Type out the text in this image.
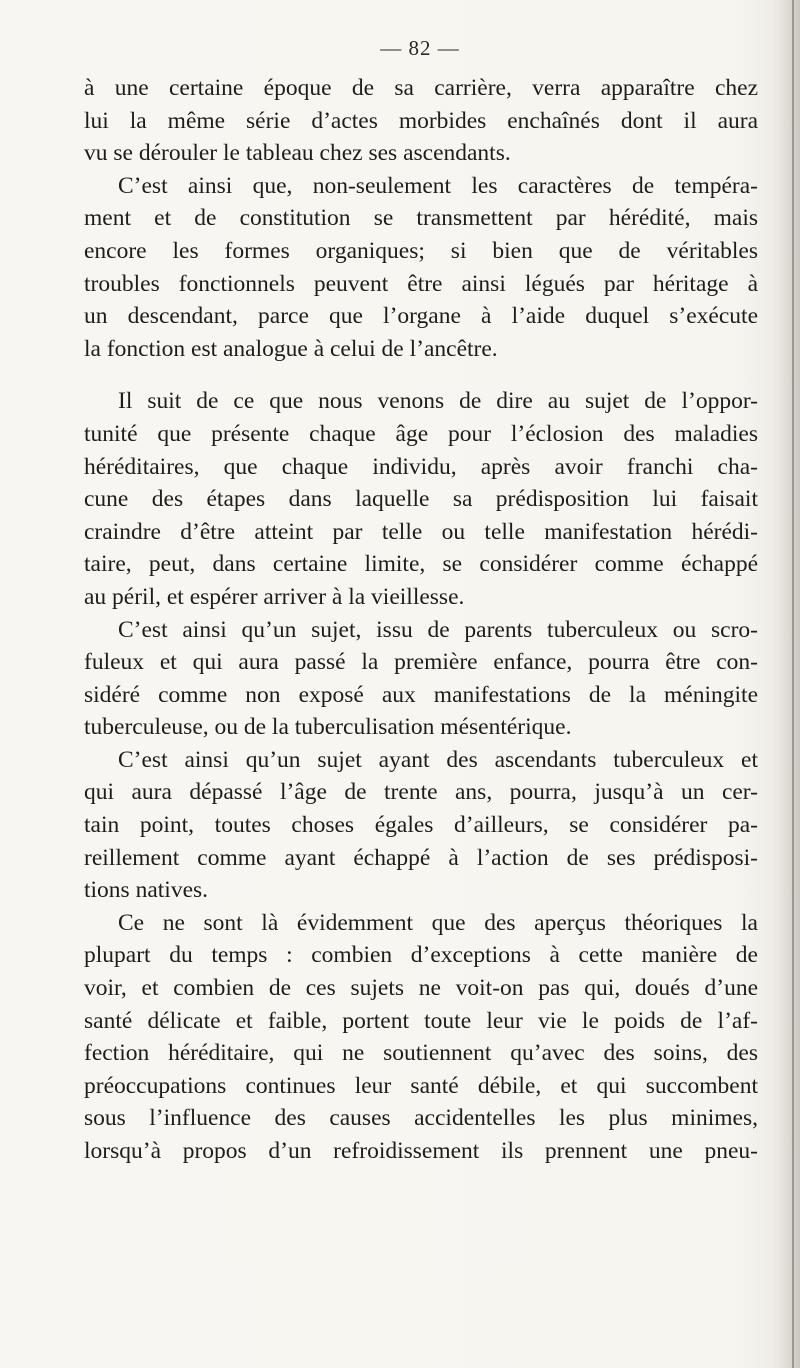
— 82 —

à une certaine époque de sa carrière, verra apparaître chez
lui la même série d’actes morbides enchaînés dont il aura
vu se dérouler le tableau chez ses ascendants.

C’est ainsi que, non-seulement les caractères de tempéra-
ment et de constitution se transmettent par hérédité, mais
encore les formes organiques; si bien que de véritables
troubles fonctionnels peuvent être ainsi légués par héritage à
un descendant, parce que l’organe à l’aide duquel s’exécute
la fonction est analogue à celui de l’ancêtre.

Il suit de ce que nous venons de dire au sujet de l’oppor-
tunité que présente chaque âge pour l’éclosion des maladies
héréditaires, que chaque individu, après avoir franchi cha-
cune des étapes dans laquelle sa prédisposition lui faisait
craindre d’être atteint par telle ou telle manifestation hérédi-
taire, peut, dans certaine limite, se considérer comme échappé
au péril, et espérer arriver à la vieillesse.

C’est ainsi qu’un sujet, issu de parents tuberculeux ou scro-
fuleux et qui aura passé la première enfance, pourra être con-
sidéré comme non exposé aux manifestations de la méningite
tuberculeuse, ou de la tuberculisation mésentérique.

C’est ainsi qu’un sujet ayant des ascendants tuberculeux et
qui aura dépassé l’âge de trente ans, pourra, jusqu’à un cer-
tain point, toutes choses égales d’ailleurs, se considérer pa-
reillement comme ayant échappé à l’action de ses prédisposi-
tions natives.

Ce ne sont là évidemment que des aperçus théoriques la
plupart du temps : combien d’exceptions à cette manière de
voir, et combien de ces sujets ne voit-on pas qui, doués d’une
santé délicate et faible, portent toute leur vie le poids de l’af-
fection héréditaire, qui ne soutiennent qu’avec des soins, des
préoccupations continues leur santé débile, et qui succombent
sous l’influence des causes accidentelles les plus minimes,
lorsqu’à propos d’un refroidissement ils prennent une pneu-
